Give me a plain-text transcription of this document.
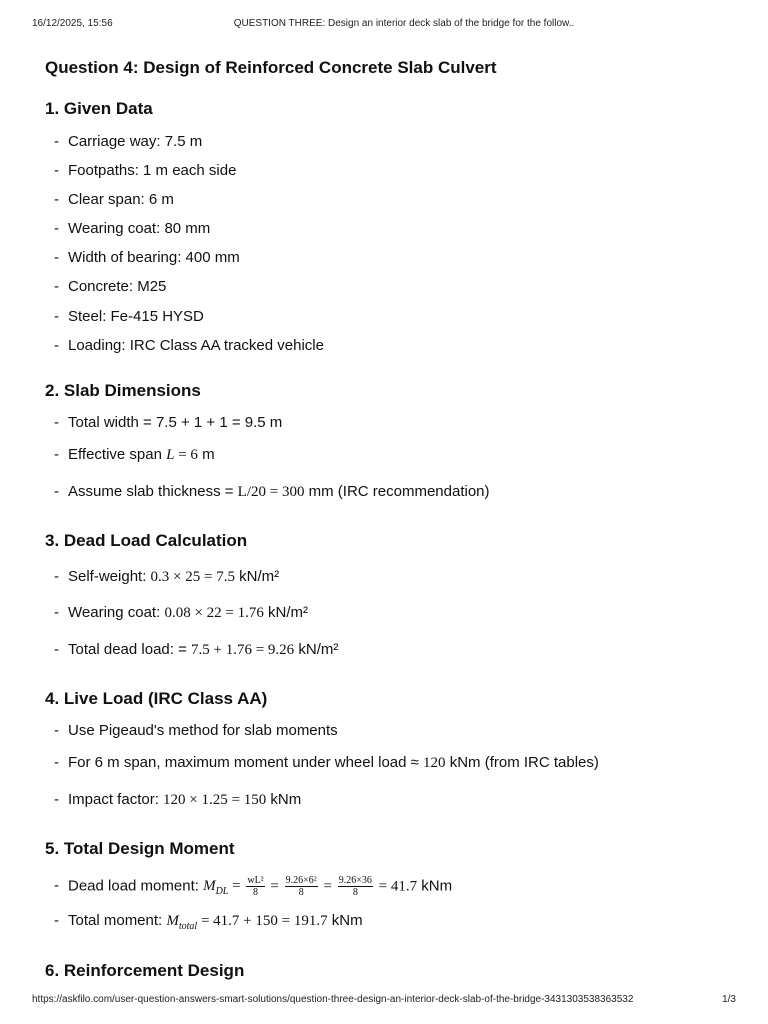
16/12/2025, 15:56	QUESTION THREE: Design an interior deck slab of the bridge for the follow..
Question 4: Design of Reinforced Concrete Slab Culvert
1. Given Data
- Carriage way: 7.5 m
- Footpaths: 1 m each side
- Clear span: 6 m
- Wearing coat: 80 mm
- Width of bearing: 400 mm
- Concrete: M25
- Steel: Fe-415 HYSD
- Loading: IRC Class AA tracked vehicle
2. Slab Dimensions
- Total width = 7.5 + 1 + 1 = 9.5 m
- Effective span L = 6 m
- Assume slab thickness = L/20 = 300 mm (IRC recommendation)
3. Dead Load Calculation
- Self-weight: 0.3 × 25 = 7.5 kN/m²
- Wearing coat: 0.08 × 22 = 1.76 kN/m²
- Total dead load: = 7.5 + 1.76 = 9.26 kN/m²
4. Live Load (IRC Class AA)
- Use Pigeaud's method for slab moments
- For 6 m span, maximum moment under wheel load ≈ 120 kNm (from IRC tables)
- Impact factor: 120 × 1.25 = 150 kNm
5. Total Design Moment
- Dead load moment: $M_{DL} = \frac{\text{wL²}}{8} = \frac{\text{9.26×6²}}{8} = \frac{9.26\times 36}{8} = 41.7$ kNm
- Total moment: $M_{total} = 41.7 + 150 = 191.7$ kNm
6. Reinforcement Design
https://askfilo.com/user-question-answers-smart-solutions/question-three-design-an-interior-deck-slab-of-the-bridge-3431303538363532	1/3
